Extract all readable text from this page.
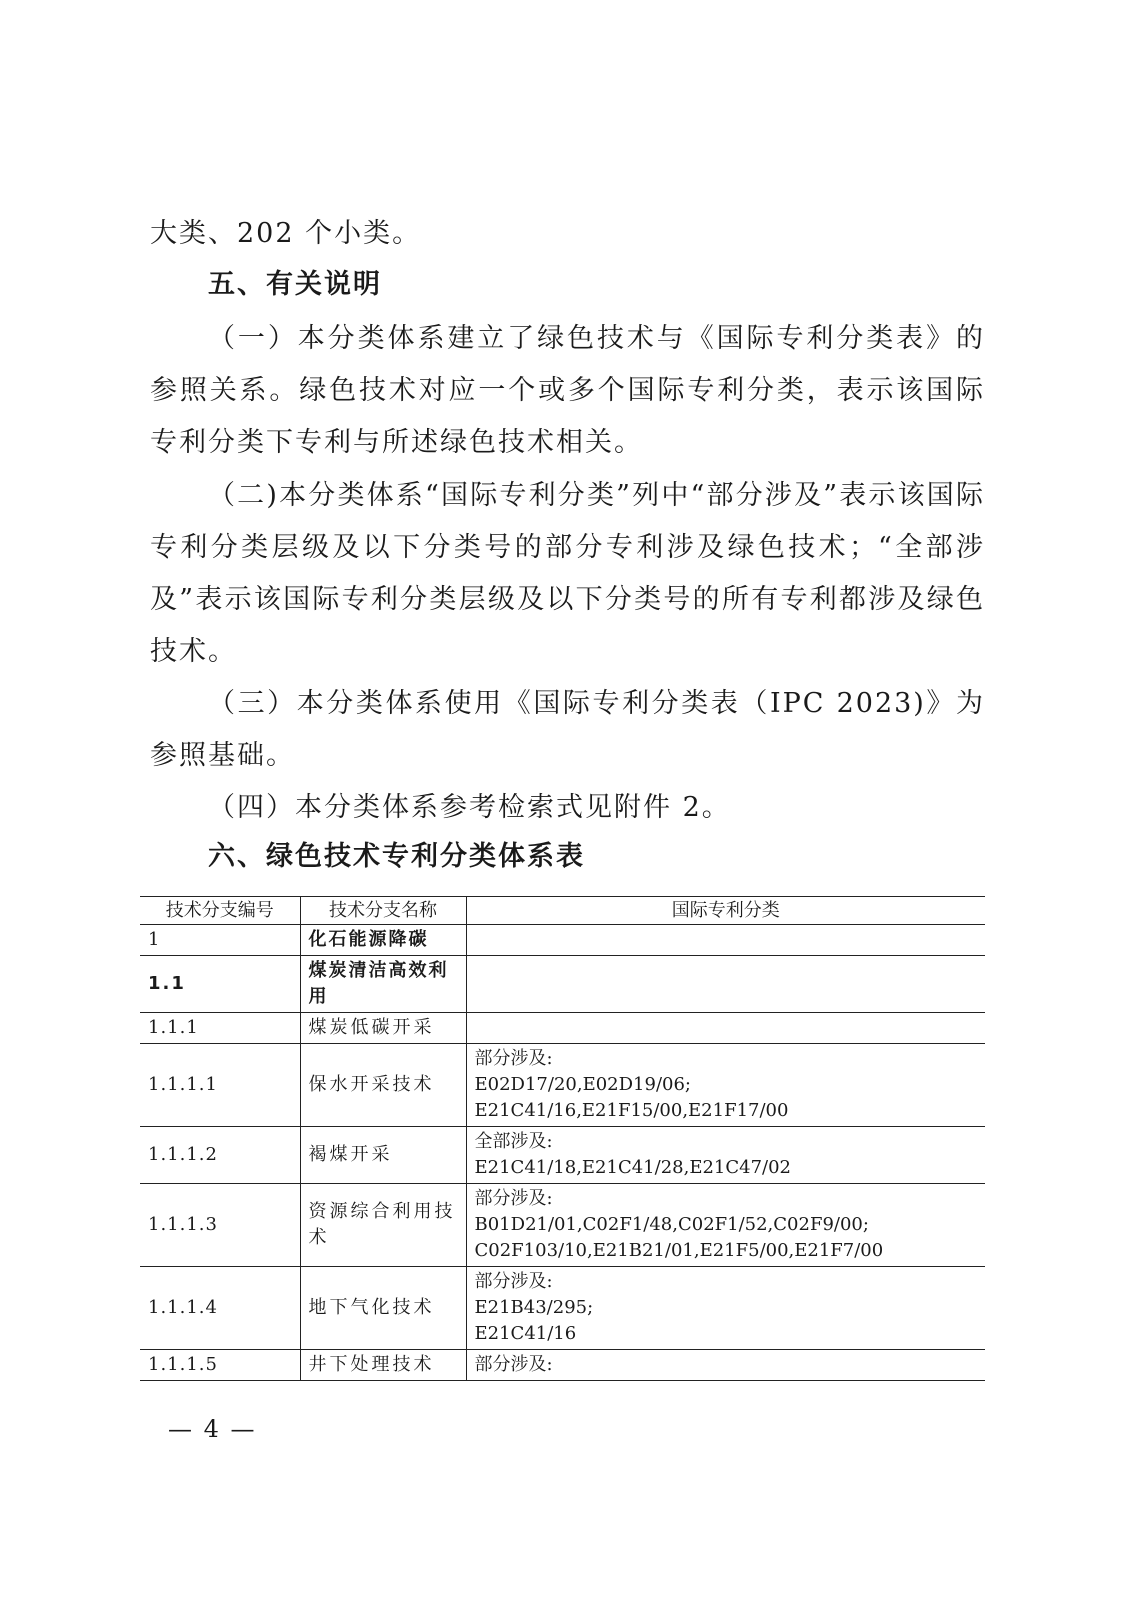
大类、202 个小类。

五、有关说明

（一）本分类体系建立了绿色技术与《国际专利分类表》的参照关系。绿色技术对应一个或多个国际专利分类，表示该国际专利分类下专利与所述绿色技术相关。

（二)本分类体系“国际专利分类”列中“部分涉及”表示该国际专利分类层级及以下分类号的部分专利涉及绿色技术；“全部涉及”表示该国际专利分类层级及以下分类号的所有专利都涉及绿色技术。

（三）本分类体系使用《国际专利分类表（IPC 2023)》为参照基础。

（四）本分类体系参考检索式见附件 2。

六、绿色技术专利分类体系表
技术分支编号	技术分支名称	国际专利分类
1	化石能源降碳	
1.1	煤炭清洁高效利用	
1.1.1	煤炭低碳开采	
1.1.1.1	保水开采技术	部分涉及:
E02D17/20,E02D19/06;
E21C41/16,E21F15/00,E21F17/00

1.1.1.2	褐煤开采	全部涉及:
E21C41/18,E21C41/28,E21C47/02

1.1.1.3	资源综合利用技术	部分涉及:
B01D21/01,C02F1/48,C02F1/52,C02F9/00;
C02F103/10,E21B21/01,E21F5/00,E21F7/00

1.1.1.4	地下气化技术	部分涉及:
E21B43/295;
E21C41/16

1.1.1.5	井下处理技术	部分涉及:
— 4 —
